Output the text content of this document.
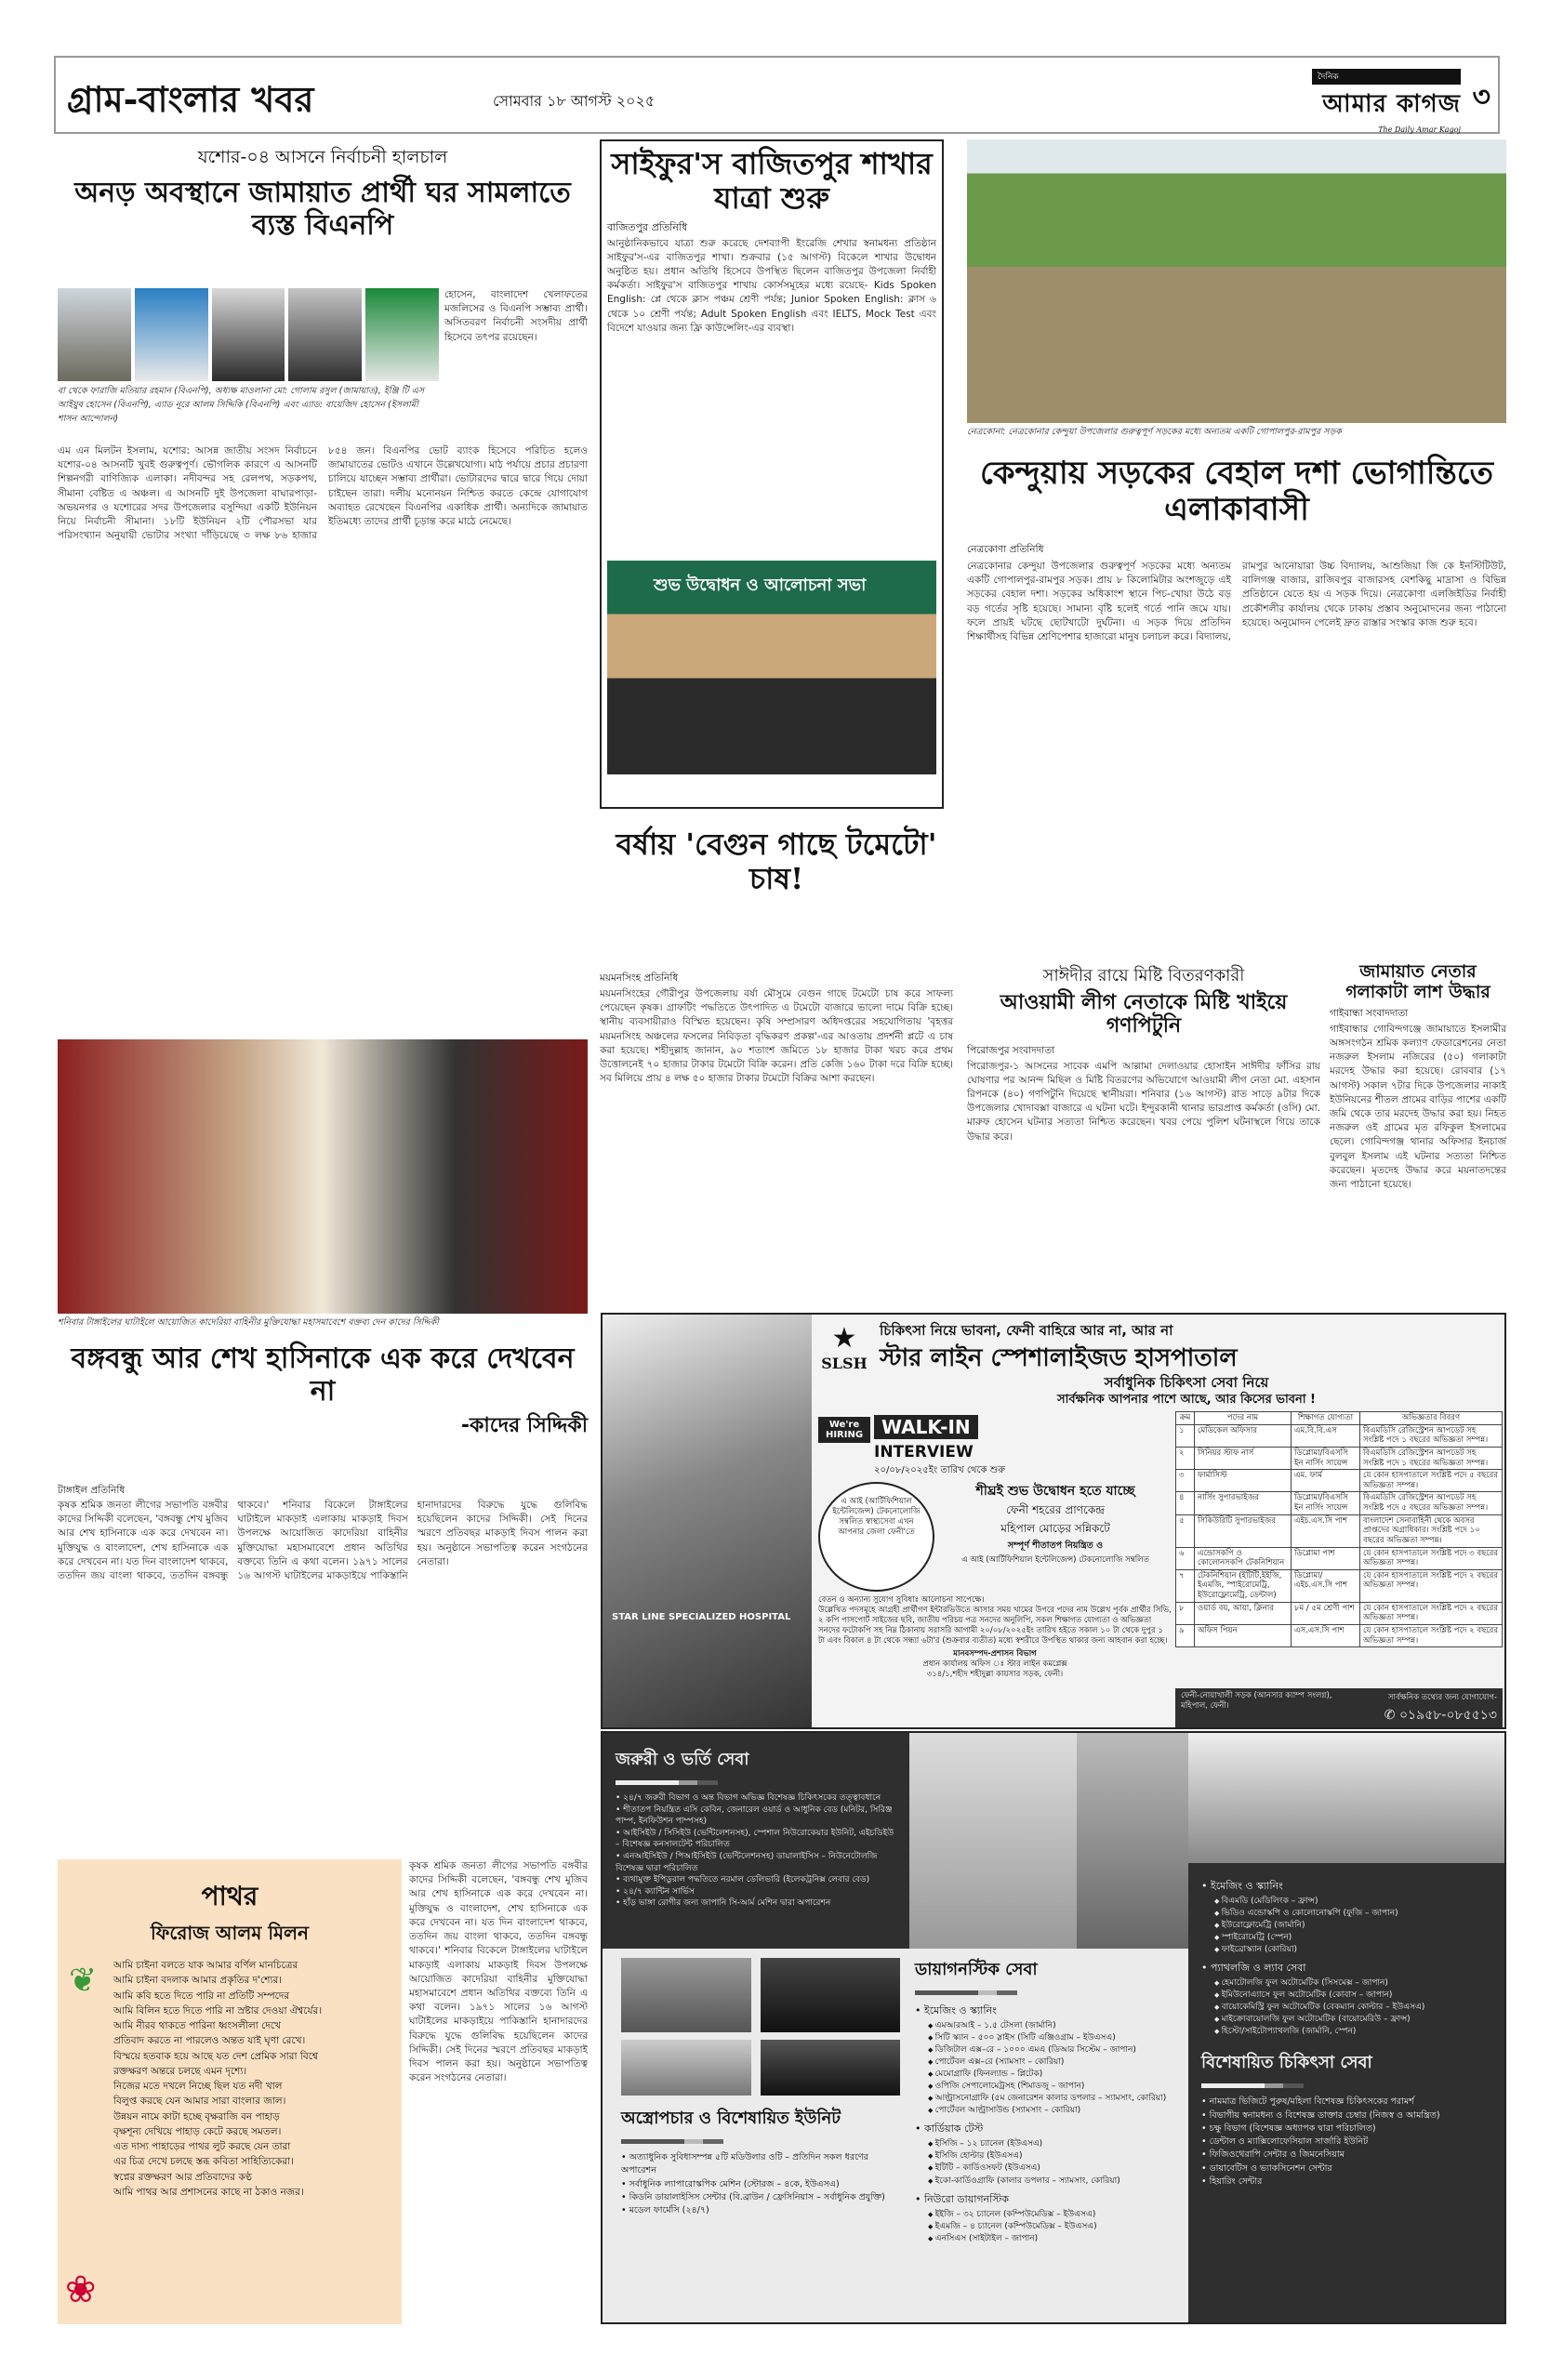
গ্রাম-বাংলার খবর	সোমবার ১৮ আগস্ট ২০২৫
দৈনিক
আমার কাগজ
The Daily Amar Kagoj
৩
যশোর-০৪ আসনে নির্বাচনী হালচাল
অনড় অবস্থানে জামায়াত প্রার্থী ঘর সামলাতে ব্যস্ত বিএনপি
বা থেকে ফারাজি মতিয়ার রহমান (বিএনপি), অধ্যক্ষ মাওলানা মো: গোলাম রসুল (জামায়াত), ইঞ্জি টি এস আইয়ুব হোসেন (বিএনপি), এ্যাড নূরে আলম সিদ্দিকি (বিএনপি) এবং এ্যাড: বায়েজিদ হোসেন (ইসলামী শাসন আন্দোলন)
হোসেন, বাংলাদেশ খেলাফতের মজলিসের ও বিএনপি সম্ভাব্য প্রার্থী। অসিতবরণ নির্বাচনী সংসদীয় প্রার্থী হিসেবে তৎপর রয়েছেন।
এম এন মিলটন ইসলাম, যশোর: আসন্ন জাতীয় সংসদ নির্বাচনে যশোর-০৪ আসনটি খুবই গুরুত্বপূর্ণ। ভৌগলিক কারণে এ আসনটি শিল্পনগরী বাণিজ্যিক এলাকা। নদীবন্দর সহ রেলপথ, সড়কপথ, সীমানা বেষ্টিত এ অঞ্চল। এ আসনটি দুই উপজেলা বাঘারপাড়া-অভয়নগর ও যশোরের সদর উপজেলার বসুন্দিয়া একটি ইউনিয়ন নিয়ে নির্বাচনী সীমানা। ১৮টি ইউনিয়ন ২টি পৌরসভা যার পরিসংখ্যান অনুযায়ী ভোটার সংখ্যা দাঁড়িয়েছে ৩ লক্ষ ৮৬ হাজার ৮৫৪ জন। বিএনপির ভোট ব্যাংক হিসেবে পরিচিত হলেও জামায়াতের ভোটও এখানে উল্লেখযোগ্য। মাঠ পর্যায়ে প্রচার প্রচারণা চালিয়ে যাচ্ছেন সম্ভাব্য প্রার্থীরা। ভোটারদের দ্বারে দ্বারে গিয়ে দোয়া চাইছেন তারা। দলীয় মনোনয়ন নিশ্চিত করতে কেন্দ্রে যোগাযোগ অব্যাহত রেখেছেন বিএনপির একাধিক প্রার্থী। অন্যদিকে জামায়াত ইতিমধ্যে তাদের প্রার্থী চূড়ান্ত করে মাঠে নেমেছে।
শনিবার টাঙ্গাইলের ঘাটাইলে আয়োজিত কাদেরিয়া বাহিনীর মুক্তিযোদ্ধা মহাসমাবেশে বক্তব্য দেন কাদের সিদ্দিকী
বঙ্গবন্ধু আর শেখ হাসিনাকে এক করে দেখবেন না
-কাদের সিদ্দিকী
টাঙ্গাইল প্রতিনিধি
কৃষক শ্রমিক জনতা লীগের সভাপতি বঙ্গবীর কাদের সিদ্দিকী বলেছেন, 'বঙ্গবন্ধু শেখ মুজিব আর শেখ হাসিনাকে এক করে দেখবেন না। মুক্তিযুদ্ধ ও বাংলাদেশ, শেখ হাসিনাকে এক করে দেখবেন না। যত দিন বাংলাদেশ থাকবে, ততদিন জয় বাংলা থাকবে, ততদিন বঙ্গবন্ধু থাকবে।' শনিবার বিকেলে টাঙ্গাইলের ঘাটাইলে মাকড়াই এলাকায় মাকড়াই দিবস উপলক্ষে আয়োজিত কাদেরিয়া বাহিনীর মুক্তিযোদ্ধা মহাসমাবেশে প্রধান অতিথির বক্তব্যে তিনি এ কথা বলেন। ১৯৭১ সালের ১৬ আগস্ট ঘাটাইলের মাকড়াইয়ে পাকিস্তানি হানাদারদের বিরুদ্ধে যুদ্ধে গুলিবিদ্ধ হয়েছিলেন কাদের সিদ্দিকী। সেই দিনের স্মরণে প্রতিবছর মাকড়াই দিবস পালন করা হয়। অনুষ্ঠানে সভাপতিত্ব করেন সংগঠনের নেতারা।
কৃষক শ্রমিক জনতা লীগের সভাপতি বঙ্গবীর কাদের সিদ্দিকী বলেছেন, 'বঙ্গবন্ধু শেখ মুজিব আর শেখ হাসিনাকে এক করে দেখবেন না। মুক্তিযুদ্ধ ও বাংলাদেশ, শেখ হাসিনাকে এক করে দেখবেন না। যত দিন বাংলাদেশ থাকবে, ততদিন জয় বাংলা থাকবে, ততদিন বঙ্গবন্ধু থাকবে।' শনিবার বিকেলে টাঙ্গাইলের ঘাটাইলে মাকড়াই এলাকায় মাকড়াই দিবস উপলক্ষে আয়োজিত কাদেরিয়া বাহিনীর মুক্তিযোদ্ধা মহাসমাবেশে প্রধান অতিথির বক্তব্যে তিনি এ কথা বলেন। ১৯৭১ সালের ১৬ আগস্ট ঘাটাইলের মাকড়াইয়ে পাকিস্তানি হানাদারদের বিরুদ্ধে যুদ্ধে গুলিবিদ্ধ হয়েছিলেন কাদের সিদ্দিকী। সেই দিনের স্মরণে প্রতিবছর মাকড়াই দিবস পালন করা হয়। অনুষ্ঠানে সভাপতিত্ব করেন সংগঠনের নেতারা।
পাথর
ফিরোজ আলম মিলন
আমি চাইনা বলতে যাক আমার বর্ণিল মানচিত্রের
আমি চাইনা বদলাক আমার প্রকৃতির দ'শ্যের।
আমি কবি হতে দিতে পারি না প্রতিটি সম্পদের
আমি বিলিন হতে দিতে পারি না স্রষ্টার দেওয়া ঐশ্বর্যের।
আমি নীরব থাকতে পারিনা ধ্বংসলীলা দেখে
প্রতিবাদ করতে না পারলেও অন্তত যাই ঘৃণা রেখে।
বিস্ময়ে হতবাক হয়ে আছে যত দেশ প্রেমিক সারা বিশ্বে
রক্তক্ষরণ অন্তরে চলছে এমন দৃশ্যে।
নিজের মতে দখলে নিচ্ছে ছিল যত নদী খাল
বিলুপ্ত করছে যেন আমার সারা বাংলার জাল।
উন্নয়ন নামে কাটা হচ্ছে বৃক্ষরাজি বন পাহাড়
বৃক্ষশূন্য দেখিয়ে পাহাড় কেটে করছে সমতল।
এত দাস্য পাহাড়ের পাথর লুট করছে যেন তারা
এর চিত্র দেখে চলছে স্তব্ধ কবিতা সাহিত্যিকেরা।
স্বপ্নের রক্তক্ষরণ আর প্রতিবাদের কণ্ঠ
আমি পাথর আর প্রশাসনের কাছে না ঠকাও নজর।
❀
❦
সাইফুর'স বাজিতপুর শাখার যাত্রা শুরু
বাজিতপুর প্রতিনিধি
আনুষ্ঠানিকভাবে যাত্রা শুরু করেছে দেশব্যাপী ইংরেজি শেখার স্বনামধন্য প্রতিষ্ঠান সাইফুর'স-এর বাজিতপুর শাখা। শুক্রবার (১৫ আগস্ট) বিকেলে শাখার উদ্বোধন অনুষ্ঠিত হয়। প্রধান অতিথি হিসেবে উপস্থিত ছিলেন বাজিতপুর উপজেলা নির্বাহী কর্মকর্তা। সাইফুর'স বাজিতপুর শাখায় কোর্সসমূহের মধ্যে রয়েছে- Kids Spoken English: প্লে থেকে ক্লাস পঞ্চম শ্রেণী পর্যন্ত; Junior Spoken English: ক্লাস ৬ থেকে ১০ শ্রেণী পর্যন্ত; Adult Spoken English এবং IELTS, Mock Test এবং বিদেশে যাওয়ার জন্য ফ্রি কাউন্সেলিং-এর ব্যবস্থা।
শুভ উদ্বোধন ও আলোচনা সভা
নেত্রকোনা: নেত্রকোনার কেন্দুয়া উপজেলার গুরুত্বপূর্ণ সড়কের মধ্যে অন্যতম একটি গোপালপুর-রামপুর সড়ক
কেন্দুয়ায় সড়কের বেহাল দশা ভোগান্তিতে এলাকাবাসী
নেত্রকোণা প্রতিনিধি
নেত্রকোনার কেন্দুয়া উপজেলার গুরুত্বপূর্ণ সড়কের মধ্যে অন্যতম একটি গোপালপুর-রামপুর সড়ক। প্রায় ৮ কিলোমিটার অংশজুড়ে এই সড়কের বেহাল দশা। সড়কের অধিকাংশ স্থানে পিচ-খোয়া উঠে বড় বড় গর্তের সৃষ্টি হয়েছে। সামান্য বৃষ্টি হলেই গর্তে পানি জমে যায়। ফলে প্রায়ই ঘটছে ছোটখাটো দুর্ঘটনা। এ সড়ক দিয়ে প্রতিদিন শিক্ষার্থীসহ বিভিন্ন শ্রেণিপেশার হাজারো মানুষ চলাচল করে। বিদ্যালয়, রামপুর আনোয়ারা উচ্চ বিদ্যালয়, আশুজিয়া জি কে ইনস্টিটিউট, বালিগঞ্জ বাজার, রাজিবপুর বাজারসহ বেশকিছু মাদ্রাসা ও বিভিন্ন প্রতিষ্ঠানে যেতে হয় এ সড়ক দিয়ে। নেত্রকোণা এলজিইডির নির্বাহী প্রকৌশলীর কার্যালয় থেকে ঢাকায় প্রস্তাব অনুমোদনের জন্য পাঠানো হয়েছে। অনুমোদন পেলেই দ্রুত রাস্তার সংস্কার কাজ শুরু হবে।
বর্ষায় 'বেগুন গাছে টমেটো' চাষ!
ময়মনসিংহ প্রতিনিধি
ময়মনসিংহের গৌরীপুর উপজেলায় বর্ষা মৌসুমে বেগুন গাছে টমেটো চাষ করে সাফল্য পেয়েছেন কৃষক। গ্রাফটিং পদ্ধতিতে উৎপাদিত এ টমেটো বাজারে ভালো দামে বিক্রি হচ্ছে। স্থানীয় ব্যবসায়ীরাও বিস্মিত হয়েছেন। কৃষি সম্প্রসারণ অধিদপ্তরের সহযোগিতায় 'বৃহত্তর ময়মনসিংহ অঞ্চলের ফসলের নিবিড়তা বৃদ্ধিকরণ প্রকল্প'-এর আওতায় প্রদর্শনী প্লটে এ চাষ করা হয়েছে। শহীদুল্লাহ জানান, ৯০ শতাংশ জমিতে ১৮ হাজার টাকা খরচ করে প্রথম উত্তোলনেই ৭০ হাজার টাকার টমেটো বিক্রি করেন। প্রতি কেজি ১৬০ টাকা দরে বিক্রি হচ্ছে। সব মিলিয়ে প্রায় ৪ লক্ষ ৫০ হাজার টাকার টমেটো বিক্রির আশা করছেন।
সাঈদীর রায়ে মিষ্টি বিতরণকারী
আওয়ামী লীগ নেতাকে মিষ্টি খাইয়ে গণপিটুনি
পিরোজপুর সংবাদদাতা
পিরোজপুর-১ আসনের সাবেক এমপি আল্লামা দেলাওয়ার হোসাইন সাঈদীর ফাঁসির রায় ঘোষণার পর আনন্দ মিছিল ও মিষ্টি বিতরণের অভিযোগে আওয়ামী লীগ নেতা মো. এহসান রিপনকে (৪০) গণপিটুনি দিয়েছে স্থানীয়রা। শনিবার (১৬ আগস্ট) রাত সাড়ে ৯টার দিকে উপজেলার খোদাবক্সা বাজারে এ ঘটনা ঘটে। ইন্দুরকানী থানার ভারপ্রাপ্ত কর্মকর্তা (ওসি) মো. মারুফ হোসেন ঘটনার সত্যতা নিশ্চিত করেছেন। খবর পেয়ে পুলিশ ঘটনাস্থলে গিয়ে তাকে উদ্ধার করে।
জামায়াত নেতার গলাকাটা লাশ উদ্ধার
গাইবান্ধা সংবাদদাতা
গাইবান্ধার গোবিন্দগঞ্জে জামায়াতে ইসলামীর অঙ্গসংগঠন শ্রমিক কল্যাণ ফেডারেশনের নেতা নজরুল ইসলাম নজিরের (৫০) গলাকাটা মরদেহ উদ্ধার করা হয়েছে। রোববার (১৭ আগস্ট) সকাল ৭টার দিকে উপজেলার নাকাই ইউনিয়নের শীতল প্রামের বাড়ির পাশের একটি জমি থেকে তার মরদেহ উদ্ধার করা হয়। নিহত নজরুল ওই গ্রামের মৃত রফিকুল ইসলামের ছেলে। গোবিন্দগঞ্জ থানার অফিসার ইনচার্জ বুলবুল ইসলাম এই ঘটনার সত্যতা নিশ্চিত করেছেন। মৃতদেহ উদ্ধার করে ময়নাতদন্তের জন্য পাঠানো হয়েছে।
STAR LINE SPECIALIZED HOSPITAL
★
SLSH
চিকিৎসা নিয়ে ভাবনা, ফেনী বাহিরে আর না, আর না
স্টার লাইন স্পেশালাইজড হাসপাতাল
সর্বাধুনিক চিকিৎসা সেবা নিয়ে
সার্বক্ষনিক আপনার পাশে আছে, আর কিসের ভাবনা !
We're HIRING WALK-IN
INTERVIEW
২০/০৮/২০২৫ইং তারিখ থেকে শুরু
এ আই (আর্টিফিশিয়াল ইন্টেলিজেন্স) টেকনোলোজি সম্বলিত স্বাস্থ্যসেবা এখন আপনার জেলা ফেনী'তে
শীঘ্রই শুভ উদ্বোধন হতে যাচ্ছে
ফেনী শহরের প্রাণকেন্দ্র
মহিপাল মোড়ের সন্নিকটে
সম্পূর্ণ শীতাতপ নিয়ন্ত্রিত ও
এ আই (আর্টিফিশিয়াল ইন্টেলিজেন্স) টেকনোলোজি সম্বলিত
বেতন ও অন্যান্য সুযোগ সুবিধাঃ আলোচনা সাপেক্ষে।
উল্লেখিত পদসমূহে আগ্রহী প্রার্থীগণ ইন্টারভিউতে আসার সময় খামের উপরে পদের নাম উল্লেখ পূর্বক প্রার্থীর সিভি, ২ কপি পাসপোর্ট সাইজের ছবি, জাতীয় পরিচয় পত্র সনদের অনুলিপি, সকল শিক্ষাগত যোগ্যতা ও অভিজ্ঞতা সনদের ফটোকপি সহ নিম্ন ঠিকানায় সরাসরি আগামী ২০/০৮/২০২৫ইং তারিখ হইতে সকাল ১০ টা থেকে দুপুর ১ টা এবং বিকাল ৪ টা থেকে সন্ধ্যা ৬টা'র (শুক্রবার ব্যতীত) মধ্যে স্বশরীরে উপস্থিত থাকার জন্য আহবান করা হচ্ছে।
মানবসম্পদ-প্রশাসন বিভাগ
প্রধান কার্যালয় অফিস ঃ স্টার লাইন কমপ্লেক্স
৩১৪/১,শহীদ শহীদুল্লা কায়সার সড়ক, ফেনী।
ক্রম	পদের নাম	শিক্ষাগত যোগ্যতা	অভিজ্ঞতার বিবরণ
১	মেডিকেল অফিসার	এম.বি.বি.এস	বিএমডিসি রেজিস্ট্রেশন আপডেট সহ সংশ্লিষ্ট পদে ১ বছরের অভিজ্ঞতা সম্পন্ন।
২	সিনিয়র স্টাফ নার্স	ডিপ্লোমা/বিএসসি ইন নার্সিং সায়েন্স	বিএমডিসি রেজিস্ট্রেশন আপডেট সহ সংশ্লিষ্ট পদে ১ বছরের অভিজ্ঞতা সম্পন্ন।
৩	ফার্মাসিস্ট	এম. ফার্ম	যে কোন হাসপাতালে সংশ্লিষ্ট পদে ৫ বছরের অভিজ্ঞতা সম্পন্ন।
৪	নার্সিং সুপারভাইজর	ডিপ্লোমা/বিএসসি ইন নার্সিং সায়েন্স	বিএমডিসি রেজিস্ট্রেশন আপডেট সহ সংশ্লিষ্ট পদে ৫ বছরের অভিজ্ঞতা সম্পন্ন।
৫	সিকিউরিটি সুপারভাইজর	এইচ.এস.সি পাশ	বাংলাদেশ সেনাবাহিনী থেকে অবসর প্রাপ্তদের অগ্রাধিকার। সংশ্লিষ্ট পদে ১০ বছরের অভিজ্ঞতা সম্পন্ন।
৬	এন্ডোসকপি ও কোলোনসকপি টেকনিশিয়ান	ডিপ্লোমা পাশ	যে কোন হাসপাতালে সংশ্লিষ্ট পদে ৩ বছরের অভিজ্ঞতা সম্পন্ন।
৭	টেকনিশিয়ান (ইটিটি,ইইজি, ইএমজি, স্পাইরোমেট্রি, ইউরোফ্লোমেট্রি, ডেন্টাল)	ডিপ্লোমা/ এইচ.এস.সি পাশ	যে কোন হাসপাতালে সংশ্লিষ্ট পদে ২ বছরের অভিজ্ঞতা সম্পন্ন।
৮	ওয়ার্ড বয়, আয়া, ক্লিনার	৮ম / ৫ম শ্রেণী পাশ	যে কোন হাসপাতালে সংশ্লিষ্ট পদে ২ বছরের অভিজ্ঞতা সম্পন্ন।
৯	অফিস পিয়ন	এস.এস.সি পাশ	যে কোন হাসপাতালে সংশ্লিষ্ট পদে ২ বছরের অভিজ্ঞতা সম্পন্ন।
ফেনী-নোয়াখালী সড়ক (আনসার ক্যাম্প সংলগ্ন), মহিপাল, ফেনী।
সার্বক্ষনিক তথ্যের জন্য যোগাযোগ-
✆ ০১৯৫৮-০৮৫৫১৩
জরুরী ও ভর্তি সেবা
• ২৪/৭ জরুরী বিভাগ ও অন্ত বিভাগ অভিজ্ঞ বিশেষজ্ঞ চিকিৎসকের তত্ত্বাবধানে
• শীতাতপ নিয়ন্ত্রিত এসি কেবিন, জেনারেল ওয়ার্ড ও আধুনিক বেড (মনিটর, সিরিঞ্জ পাম্প, ইনফিউশন পাম্পসহ)
• আইসিইউ / সিসিইউ (ভেন্টিলেশনসহ), স্পেশাল নিউরোকেয়ার ইউনিট, এইচডিইউ – বিশেষজ্ঞ কনসালটেন্ট পরিচালিত
• এনআইসিইউ / পিআইসিইউ (ভেন্টিলেশনসহ) ডায়ালাইসিস – নিউনেটোলজি বিশেষজ্ঞ দ্বারা পরিচালিত
• ব্যথামুক্ত ইপিডুরাল পদ্ধতিতে নরমাল ডেলিভারি (ইলেকট্রনিক্স লেবার বেড)
• ২৪/৭ ক্যান্টিন সার্ভিস
• হাঁড় ভাঙ্গা রোগীর জন্য জাপানি সি-আর্ম মেশিন দ্বারা অপারেশন
অস্ত্রোপচার ও বিশেষায়িত ইউনিট
• অত্যাধুনিক সুবিধাসম্পন্ন ৫টি মডিউলার ওটি – প্রতিদিন সকল ধরণের অপারেশন
• সর্বাধুনিক ল্যাপারোস্কপিক মেশিন (স্টোরজ – ৪কে, ইউএসএ)
• কিডনি ডায়ালাইসিস সেন্টার (বি.ব্রাউন / ফ্রেসিনিয়াস – সর্বাধুনিক প্রযুক্তি)
• মডেল ফার্মেসি (২৪/৭)
ডায়াগনস্টিক সেবা
• ইমেজিং ও স্ক্যানিং
◆ এমআরআই – ১.৫ টেসলা (জার্মানি)
◆ সিটি স্ক্যান – ৫০০ স্লাইস (সিটি এঞ্জিওগ্রাম – ইউএসএ)
◆ ডিজিটাল এক্স–রে – ১০০০ এমএ (ডিআর সিস্টেম – জাপান)
◆ পোর্টেবল এক্স–রে (স্যামসাং – কোরিয়া)
◆ মেমোগ্রাফি (ফিনল্যান্ড – প্লিটেক)
◆ ওপিজি সেপালোমেট্রসহ (শিমাডজু – জাপান)
◆ আল্ট্রাসনোগ্রাফি (৫ম জেনারেশন কালার ডপলার – স্যামসাং, কোরিয়া)
◆ পোর্টেবল আল্ট্রাসাউন্ড (স্যামসাং – কোরিয়া)
• কার্ডিয়াক টেস্ট
◆ ইসিজি – ১২ চ্যানেল (ইউএসএ)
◆ ইসিজি হোল্টার (ইউএসএ)
◆ ইটিটি – কার্ডিওসফট (ইউএসএ)
◆ ইকো-কার্ডিওগ্রাফি (কালার ডপলার – স্যামসাং, কোরিয়া)
• নিউরো ডায়াগনস্টিক
◆ ইইজি – ৩২ চ্যানেল (কম্পিউমেডিক্স – ইউএসএ)
◆ ইএমজি – ৪ চ্যানেল (কম্পিউমেডিক্স – ইউএসএ)
◆ এনসিএস (সাইটাইল – জাপান)
• ইমেজিং ও স্ক্যানিং
◆ বিএমডি (মেডিলিংক – ফ্রান্স)
◆ ভিডিও এন্ডোস্কপি ও কোলোনোস্কপি (ফুজি – জাপান)
◆ ইউরোফ্লোমেট্রি (জার্মানি)
◆ স্পাইরোমেট্রি (স্পেন)
◆ ফাইব্রোস্ক্যান (কোরিয়া)
• প্যাথলজি ও ল্যাব সেবা
◆ হেমাটোলজি ফুল অটোমেটিক (সিসমেক্স – জাপান)
◆ ইমিউনোএ্যাসে ফুল অটোমেটিক (কোবাস – জাপান)
◆ বায়োকেমিস্ট্রি ফুল অটোমেটিক (বেকম্যান কোল্টার – ইউএসএ)
◆ মাইক্রোবায়োলজি ফুল অটোমেটিক (বায়োমেরিউ – ফ্রান্স)
◆ হিস্টো/সাইটোপ্যাথলজি (জার্মানি, স্পেন)
বিশেষায়িত চিকিৎসা সেবা
• নামমাত্র ভিজিটে পুরুষ/মহিলা বিশেষজ্ঞ চিকিৎসকের পরামর্শ
• বিভাগীয় স্বনামধন্য ও বিশেষজ্ঞ ডাক্তার চেম্বার (নিজস্ব ও আমন্ত্রিত)
• চক্ষু বিভাগ (বিশেষজ্ঞ অধ্যাপক দ্বারা পরিচালিত)
• ডেন্টাল ও ম্যাক্সিলোফেসিয়াল সার্জারি ইউনিট
• ফিজিওথেরাপি সেন্টার ও জিমনেসিয়াম
• ডায়াবেটিস ও ভ্যাকসিনেশন সেন্টার
• হিয়ারিং সেন্টার
